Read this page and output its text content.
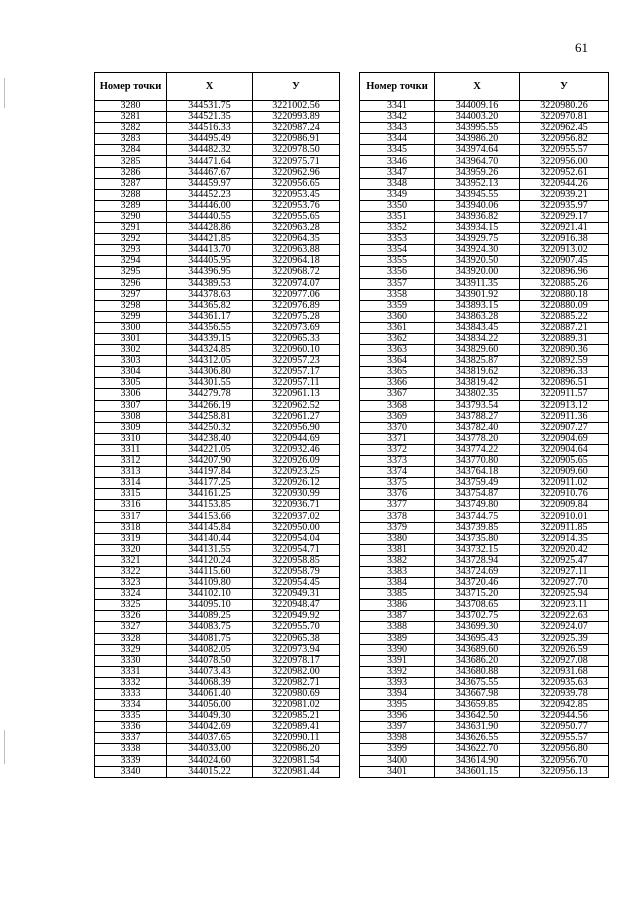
61
Номер точки	Х	У
3280	344531.75	3221002.56
3281	344521.35	3220993.89
3282	344516.33	3220987.24
3283	344495.49	3220986.91
3284	344482.32	3220978.50
3285	344471.64	3220975.71
3286	344467.67	3220962.96
3287	344459.97	3220956.65
3288	344452.23	3220953.45
3289	344446.00	3220953.76
3290	344440.55	3220955.65
3291	344428.86	3220963.28
3292	344421.85	3220964.35
3293	344413.70	3220963.88
3294	344405.95	3220964.18
3295	344396.95	3220968.72
3296	344389.53	3220974.07
3297	344378.63	3220977.06
3298	344365.82	3220976.89
3299	344361.17	3220975.28
3300	344356.55	3220973.69
3301	344339.15	3220965.33
3302	344324.85	3220960.10
3303	344312.05	3220957.23
3304	344306.80	3220957.17
3305	344301.55	3220957.11
3306	344279.78	3220961.13
3307	344266.19	3220962.52
3308	344258.81	3220961.27
3309	344250.32	3220956.90
3310	344238.40	3220944.69
3311	344221.05	3220932.46
3312	344207.90	3220926.09
3313	344197.84	3220923.25
3314	344177.25	3220926.12
3315	344161.25	3220930.99
3316	344153.85	3220936.71
3317	344153.66	3220937.02
3318	344145.84	3220950.00
3319	344140.44	3220954.04
3320	344131.55	3220954.71
3321	344120.24	3220958.85
3322	344115.60	3220958.79
3323	344109.80	3220954.45
3324	344102.10	3220949.31
3325	344095.10	3220948.47
3326	344089.25	3220949.92
3327	344083.75	3220955.70
3328	344081.75	3220965.38
3329	344082.05	3220973.94
3330	344078.50	3220978.17
3331	344073.43	3220982.00
3332	344068.39	3220982.71
3333	344061.40	3220980.69
3334	344056.00	3220981.02
3335	344049.30	3220985.21
3336	344042.69	3220989.41
3337	344037.65	3220990.11
3338	344033.00	3220986.20
3339	344024.60	3220981.54
3340	344015.22	3220981.44
Номер точки	Х	У
3341	344009.16	3220980.26
3342	344003.20	3220970.81
3343	343995.55	3220962.45
3344	343986.20	3220956.82
3345	343974.64	3220955.57
3346	343964.70	3220956.00
3347	343959.26	3220952.61
3348	343952.13	3220944.26
3349	343945.55	3220939.21
3350	343940.06	3220935.97
3351	343936.82	3220929.17
3352	343934.15	3220921.41
3353	343929.75	3220916.38
3354	343924.30	3220913.02
3355	343920.50	3220907.45
3356	343920.00	3220896.96
3357	343911.35	3220885.26
3358	343901.92	3220880.18
3359	343893.15	3220880.09
3360	343863.28	3220885.22
3361	343843.45	3220887.21
3362	343834.22	3220889.31
3363	343829.60	3220890.36
3364	343825.87	3220892.59
3365	343819.62	3220896.33
3366	343819.42	3220896.51
3367	343802.35	3220911.57
3368	343793.54	3220913.12
3369	343788.27	3220911.36
3370	343782.40	3220907.27
3371	343778.20	3220904.69
3372	343774.22	3220904.64
3373	343770.80	3220905.65
3374	343764.18	3220909.60
3375	343759.49	3220911.02
3376	343754.87	3220910.76
3377	343749.80	3220909.84
3378	343744.75	3220910.01
3379	343739.85	3220911.85
3380	343735.80	3220914.35
3381	343732.15	3220920.42
3382	343728.94	3220925.47
3383	343724.69	3220927.11
3384	343720.46	3220927.70
3385	343715.20	3220925.94
3386	343708.65	3220923.11
3387	343702.75	3220922.63
3388	343699.30	3220924.07
3389	343695.43	3220925.39
3390	343689.60	3220926.59
3391	343686.20	3220927.08
3392	343680.88	3220931.68
3393	343675.55	3220935.63
3394	343667.98	3220939.78
3395	343659.85	3220942.85
3396	343642.50	3220944.56
3397	343631.90	3220950.77
3398	343626.55	3220955.57
3399	343622.70	3220956.80
3400	343614.90	3220956.70
3401	343601.15	3220956.13
